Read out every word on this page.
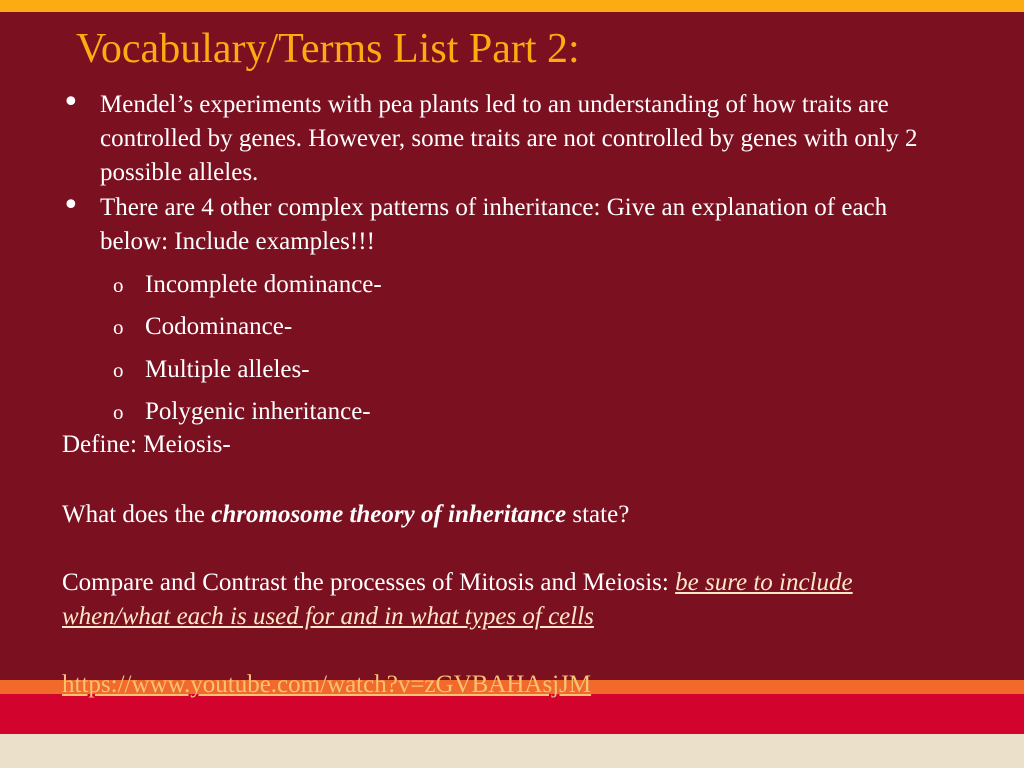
Vocabulary/Terms List Part 2:
• Mendel’s experiments with pea plants led to an understanding of how traits are controlled by genes. However, some traits are not controlled by genes with only 2 possible alleles.
• There are 4 other complex patterns of inheritance: Give an explanation of each below: Include examples!!!
o Incomplete dominance-
o Codominance-
o Multiple alleles-
o Polygenic inheritance-
Define: Meiosis-
What does the chromosome theory of inheritance state?
Compare and Contrast the processes of Mitosis and Meiosis: be sure to include when/what each is used for and in what types of cells
https://www.youtube.com/watch?v=zGVBAHAsjJM
